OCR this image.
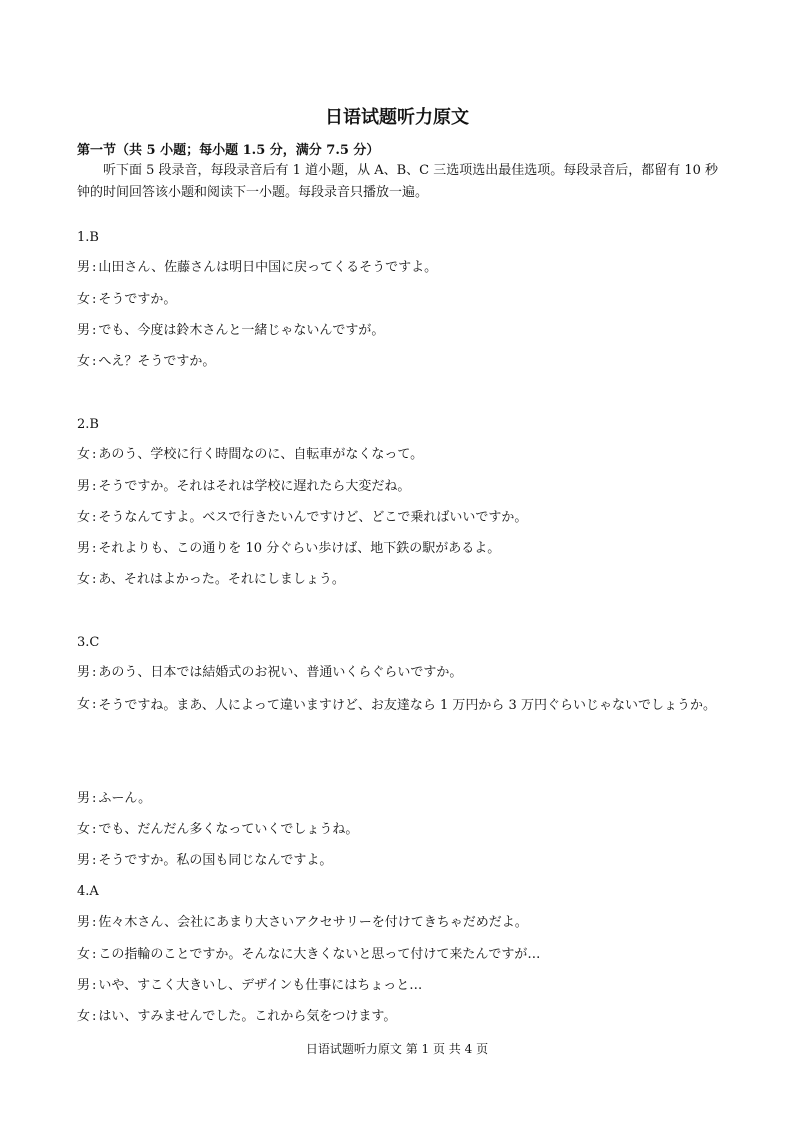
日语试题听力原文
第一节（共 5 小题；每小题 1.5 分，满分 7.5 分）
听下面 5 段录音，每段录音后有 1 道小题，从 A、B、C 三选项选出最佳选项。每段录音后，都留有 10 秒钟的时间回答该小题和阅读下一小题。每段录音只播放一遍。
1.B
男 : 山田さん、佐藤さんは明日中国に戻ってくるそうですよ。
女 : そうですか。
男 : でも、今度は鈴木さんと一緒じゃないんですが。
女 : へえ？そうですか。
2.B
女 : あのう、学校に行く時間なのに、自転車がなくなって。
男 : そうですか。それはそれは学校に遅れたら大変だね。
女 : そうなんてすよ。べスで行きたいんですけど、どこで乗ればいいですか。
男 : それよりも、この通りを 10 分ぐらい歩けば、地下鉄の駅があるよ。
女 : あ、それはよかった。それにしましょう。
3.C
男 : あのう、日本では結婚式のお祝い、普通いくらぐらいですか。
女 : そうですね。まあ、人によって違いますけど、お友達なら 1 万円から 3 万円ぐらいじゃないでしょうか。
男 : ふーん。
女 : でも、だんだん多くなっていくでしょうね。
男 : そうですか。私の国も同じなんですよ。
4.A
男 : 佐々木さん、会社にあまり大さいアクセサリーを付けてきちゃだめだよ。
女 : この指輪のことですか。そんなに大きくないと思って付けて来たんですが…
男 : いや、すこく大きいし、デザインも仕事にはちょっと…
女 : はい、すみませんでした。これから気をつけます。
日语试题听力原文 第 1 页 共 4 页
